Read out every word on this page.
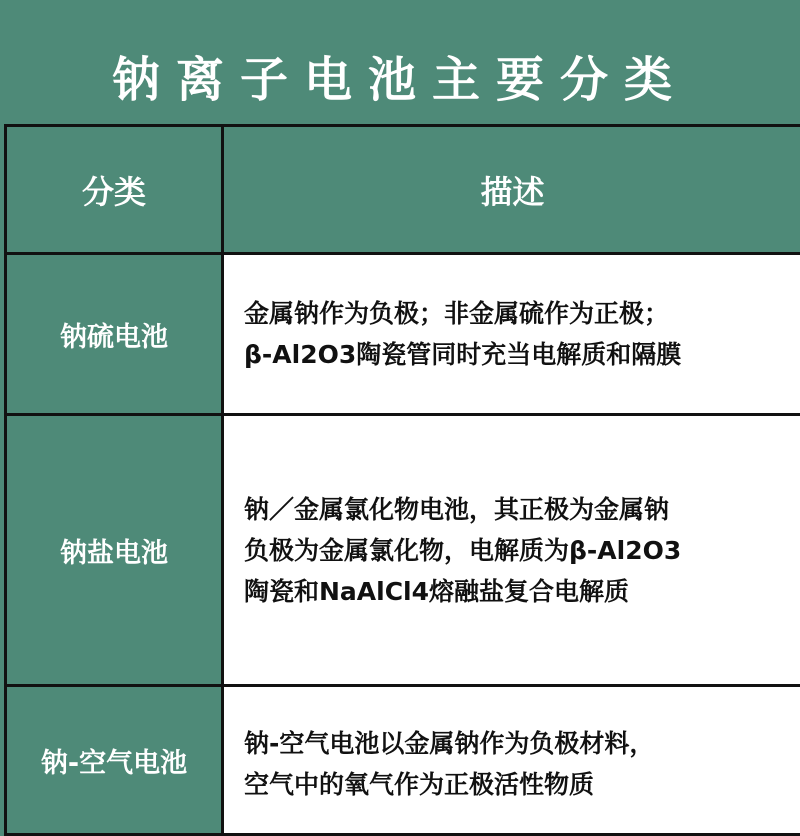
钠离子电池主要分类
分类	描述
钠硫电池	金属钠作为负极；非金属硫作为正极；
β-Al2O3陶瓷管同时充当电解质和隔膜

钠盐电池	钠／金属氯化物电池，其正极为金属钠
负极为金属氯化物，电解质为β-Al2O3
陶瓷和NaAlCl4熔融盐复合电解质

钠-空气电池	钠-空气电池以金属钠作为负极材料，
空气中的氧气作为正极活性物质
